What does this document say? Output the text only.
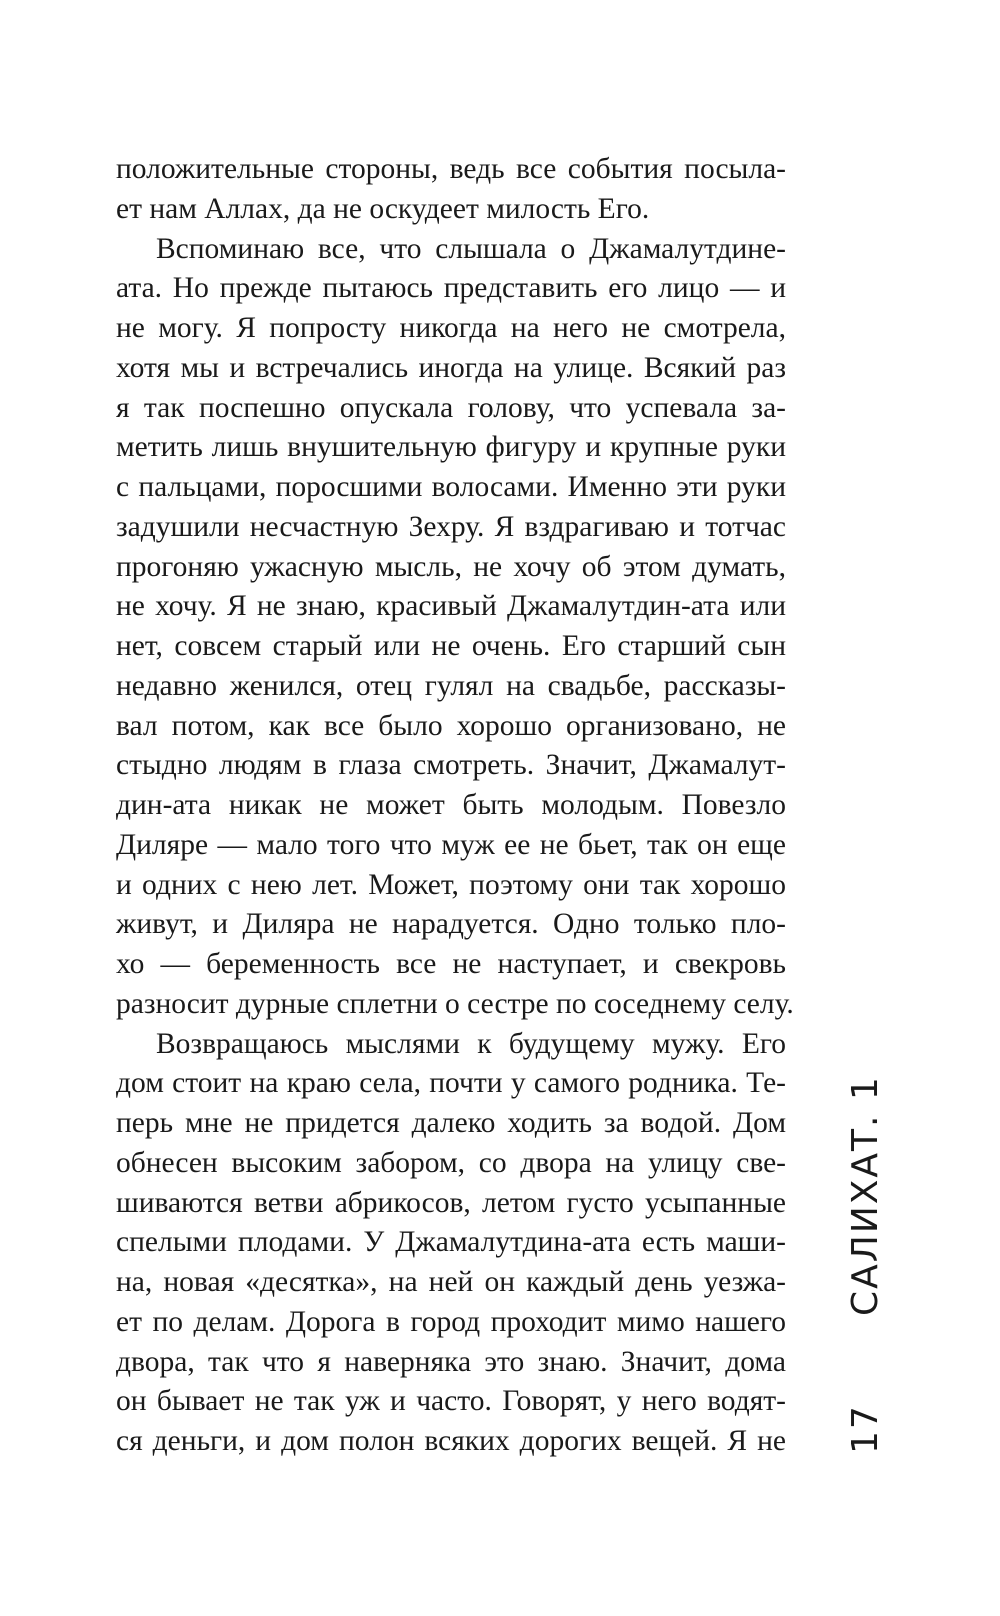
положительные стороны, ведь все события посыла-
ет нам Аллах, да не оскудеет милость Его.
Вспоминаю все, что слышала о Джамалутдине-
ата. Но прежде пытаюсь представить его лицо — и
не могу. Я попросту никогда на него не смотрела,
хотя мы и встречались иногда на улице. Всякий раз
я так поспешно опускала голову, что успевала за-
метить лишь внушительную фигуру и крупные руки
с пальцами, поросшими волосами. Именно эти руки
задушили несчастную Зехру. Я вздрагиваю и тотчас
прогоняю ужасную мысль, не хочу об этом думать,
не хочу. Я не знаю, красивый Джамалутдин-ата или
нет, совсем старый или не очень. Его старший сын
недавно женился, отец гулял на свадьбе, рассказы-
вал потом, как все было хорошо организовано, не
стыдно людям в глаза смотреть. Значит, Джамалут-
дин-ата никак не может быть молодым. Повезло
Диляре — мало того что муж ее не бьет, так он еще
и одних с нею лет. Может, поэтому они так хорошо
живут, и Диляра не нарадуется. Одно только пло-
хо — беременность все не наступает, и свекровь
разносит дурные сплетни о сестре по соседнему селу.
Возвращаюсь мыслями к будущему мужу. Его
дом стоит на краю села, почти у самого родника. Те-
перь мне не придется далеко ходить за водой. Дом
обнесен высоким забором, со двора на улицу све-
шиваются ветви абрикосов, летом густо усыпанные
спелыми плодами. У Джамалутдина-ата есть маши-
на, новая «десятка», на ней он каждый день уезжа-
ет по делам. Дорога в город проходит мимо нашего
двора, так что я наверняка это знаю. Значит, дома
он бывает не так уж и часто. Говорят, у него водят-
ся деньги, и дом полон всяких дорогих вещей. Я не
САЛИХАТ. 1
17
